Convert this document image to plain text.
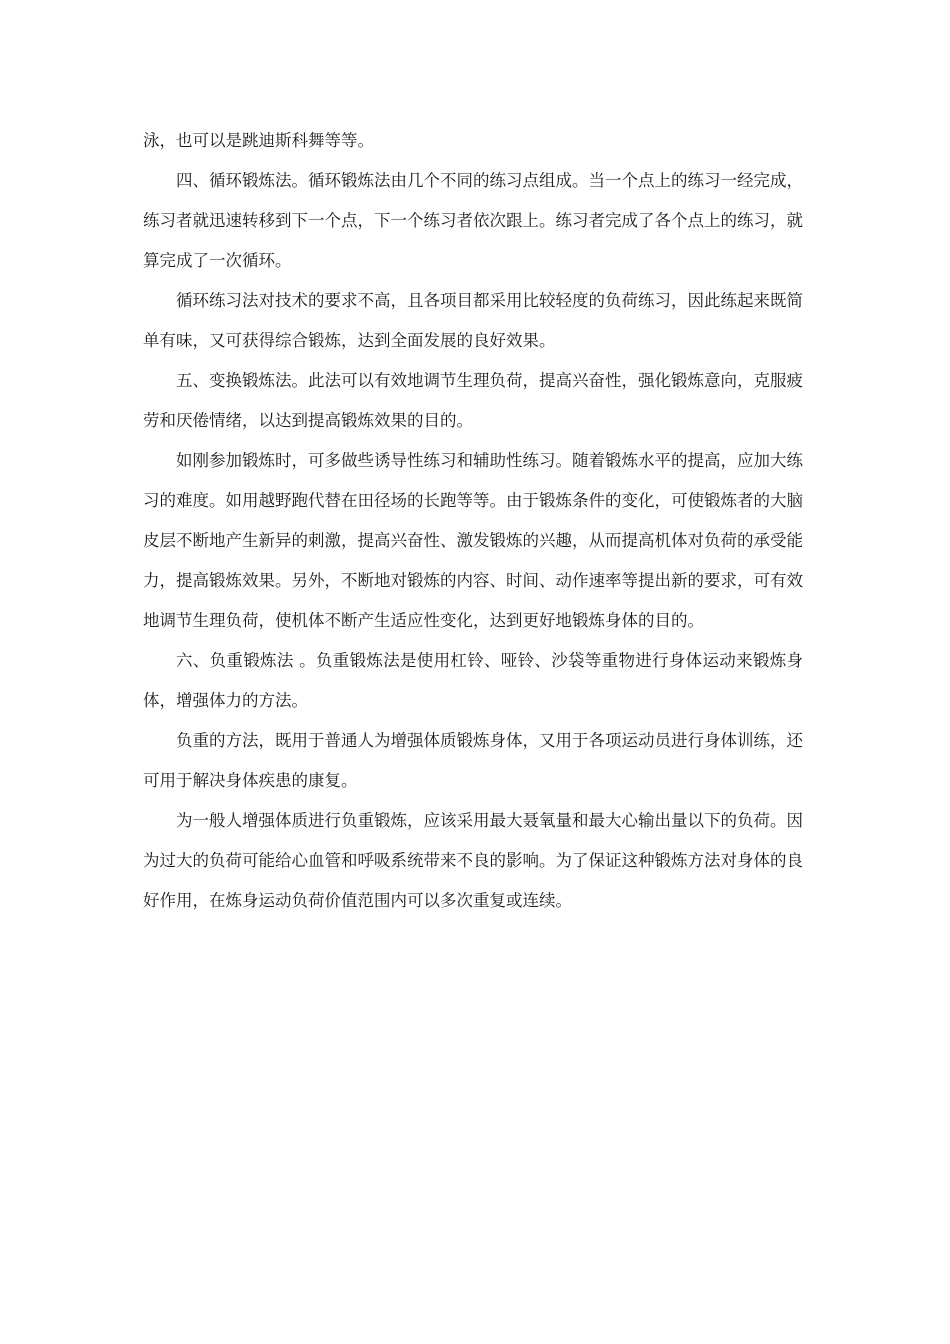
泳，也可以是跳迪斯科舞等等。

四、循环锻炼法。循环锻炼法由几个不同的练习点组成。当一个点上的练习一经完成，练习者就迅速转移到下一个点，下一个练习者依次跟上。练习者完成了各个点上的练习，就算完成了一次循环。

循环练习法对技术的要求不高，且各项目都采用比较轻度的负荷练习，因此练起来既简单有味，又可获得综合锻炼，达到全面发展的良好效果。

五、变换锻炼法。此法可以有效地调节生理负荷，提高兴奋性，强化锻炼意向，克服疲劳和厌倦情绪，以达到提高锻炼效果的目的。

如刚参加锻炼时，可多做些诱导性练习和辅助性练习。随着锻炼水平的提高，应加大练习的难度。如用越野跑代替在田径场的长跑等等。由于锻炼条件的变化，可使锻炼者的大脑皮层不断地产生新异的刺激，提高兴奋性、激发锻炼的兴趣，从而提高机体对负荷的承受能力，提高锻炼效果。另外，不断地对锻炼的内容、时间、动作速率等提出新的要求，可有效地调节生理负荷，使机体不断产生适应性变化，达到更好地锻炼身体的目的。

六、负重锻炼法 。负重锻炼法是使用杠铃、哑铃、沙袋等重物进行身体运动来锻炼身体，增强体力的方法。

负重的方法，既用于普通人为增强体质锻炼身体，又用于各项运动员进行身体训练，还可用于解决身体疾患的康复。

为一般人增强体质进行负重锻炼，应该采用最大聂氧量和最大心输出量以下的负荷。因为过大的负荷可能给心血管和呼吸系统带来不良的影响。为了保证这种锻炼方法对身体的良好作用，在炼身运动负荷价值范围内可以多次重复或连续。
